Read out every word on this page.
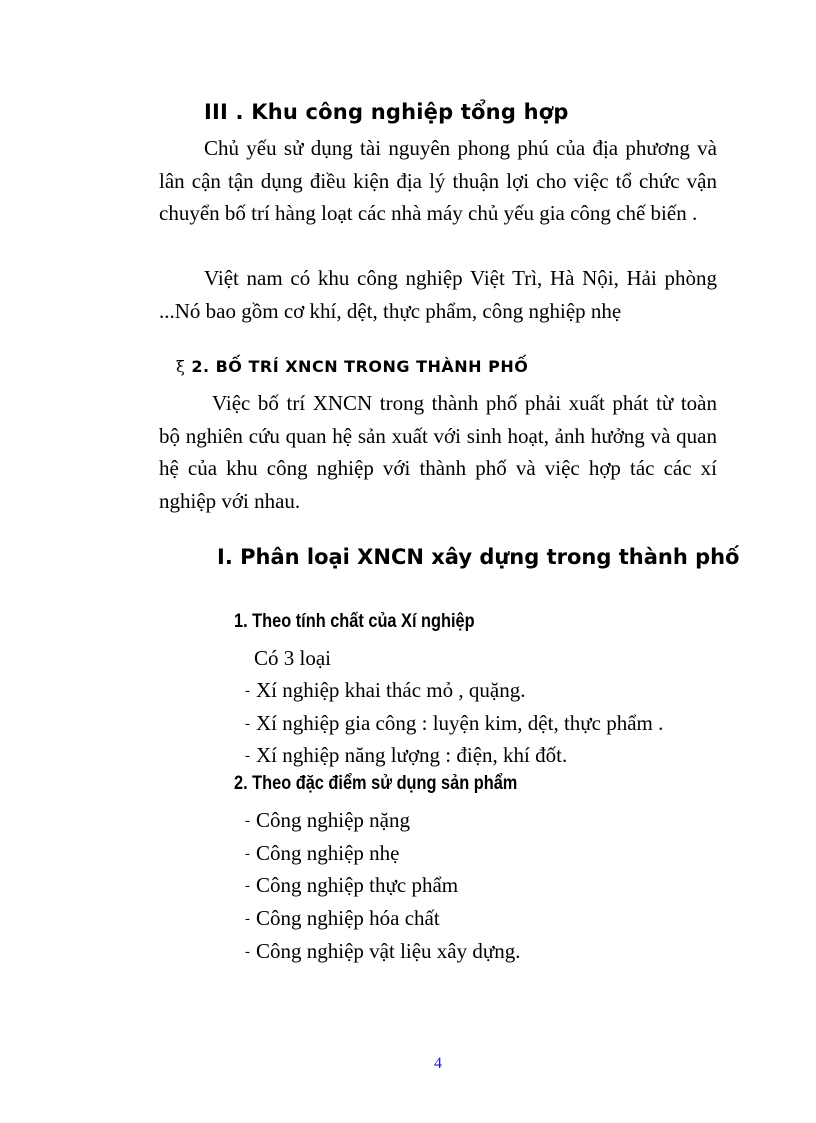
III . Khu công nghiệp tổng hợp
Chủ yếu sử dụng tài nguyên phong phú của địa phương và lân cận tận dụng điều kiện địa lý thuận lợi cho việc tổ chức vận chuyển bố trí hàng loạt các nhà máy chủ yếu gia công chế biến .
Việt nam có khu công nghiệp Việt Trì, Hà Nội, Hải phòng ...Nó bao gồm cơ khí, dệt, thực phẩm, công nghiệp nhẹ
ξ 2. BỐ TRÍ XNCN TRONG THÀNH PHỐ
Việc bố trí XNCN trong thành phố phải xuất phát từ toàn bộ nghiên cứu quan hệ sản xuất với sinh hoạt, ảnh hưởng và quan hệ của khu công nghiệp với thành phố và việc hợp tác các xí nghiệp với nhau.
I. Phân loại XNCN xây dựng trong thành phố
1. Theo tính chất của Xí nghiệp
Có 3 loại
- Xí nghiệp khai thác mỏ , quặng.
- Xí nghiệp gia công : luyện kim, dệt, thực phẩm .
- Xí nghiệp năng lượng : điện, khí đốt.
2. Theo đặc điểm sử dụng sản phẩm
- Công nghiệp nặng
- Công nghiệp nhẹ
- Công nghiệp thực phẩm
- Công nghiệp hóa chất
- Công nghiệp vật liệu xây dựng.
4
